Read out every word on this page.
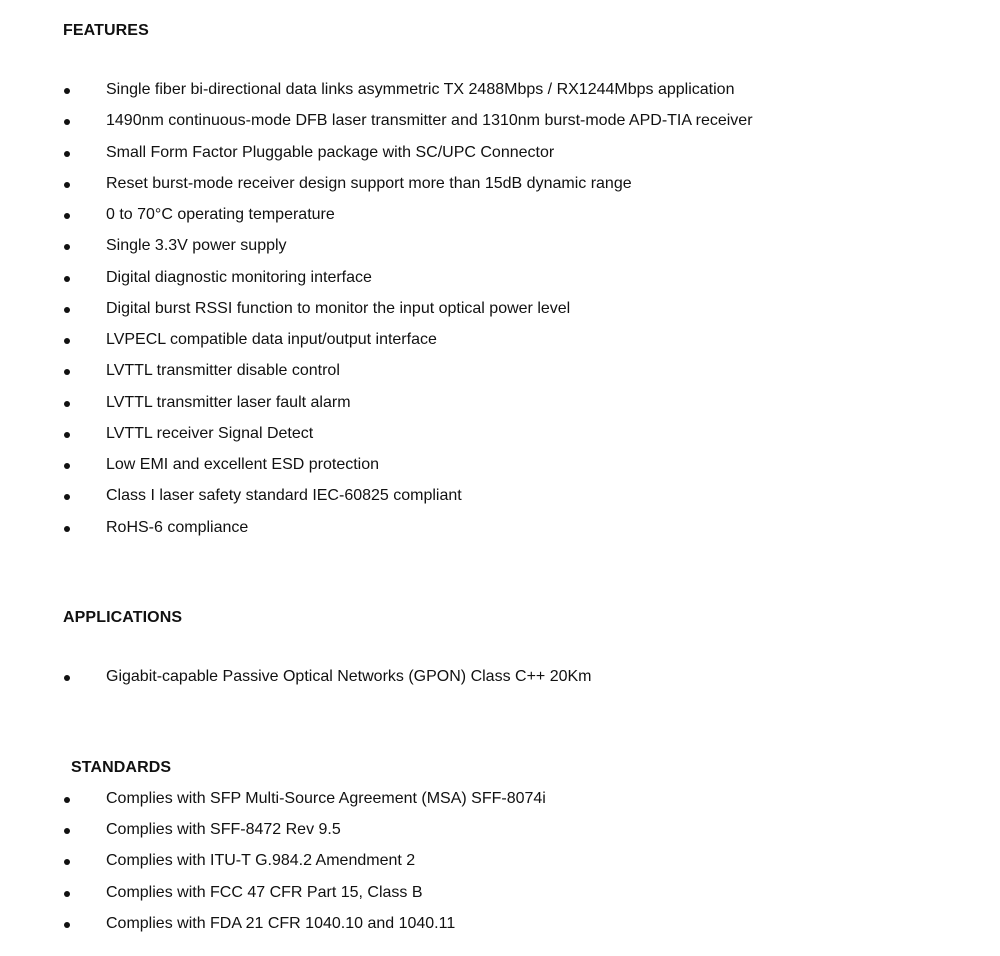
FEATURES
Single fiber bi-directional data links asymmetric TX 2488Mbps / RX1244Mbps application
1490nm continuous-mode DFB laser transmitter and 1310nm burst-mode APD-TIA receiver
Small Form Factor Pluggable package with SC/UPC Connector
Reset burst-mode receiver design support more than 15dB dynamic range
0 to 70°C operating temperature
Single 3.3V power supply
Digital diagnostic monitoring interface
Digital burst RSSI function to monitor the input optical power level
LVPECL compatible data input/output interface
LVTTL transmitter disable control
LVTTL transmitter laser fault alarm
LVTTL receiver Signal Detect
Low EMI and excellent ESD protection
Class I laser safety standard IEC-60825 compliant
RoHS-6 compliance
APPLICATIONS
Gigabit-capable Passive Optical Networks (GPON) Class C++ 20Km
STANDARDS
Complies with SFP Multi-Source Agreement (MSA) SFF-8074i
Complies with SFF-8472 Rev 9.5
Complies with ITU-T G.984.2 Amendment 2
Complies with FCC 47 CFR Part 15, Class B
Complies with FDA 21 CFR 1040.10 and 1040.11
